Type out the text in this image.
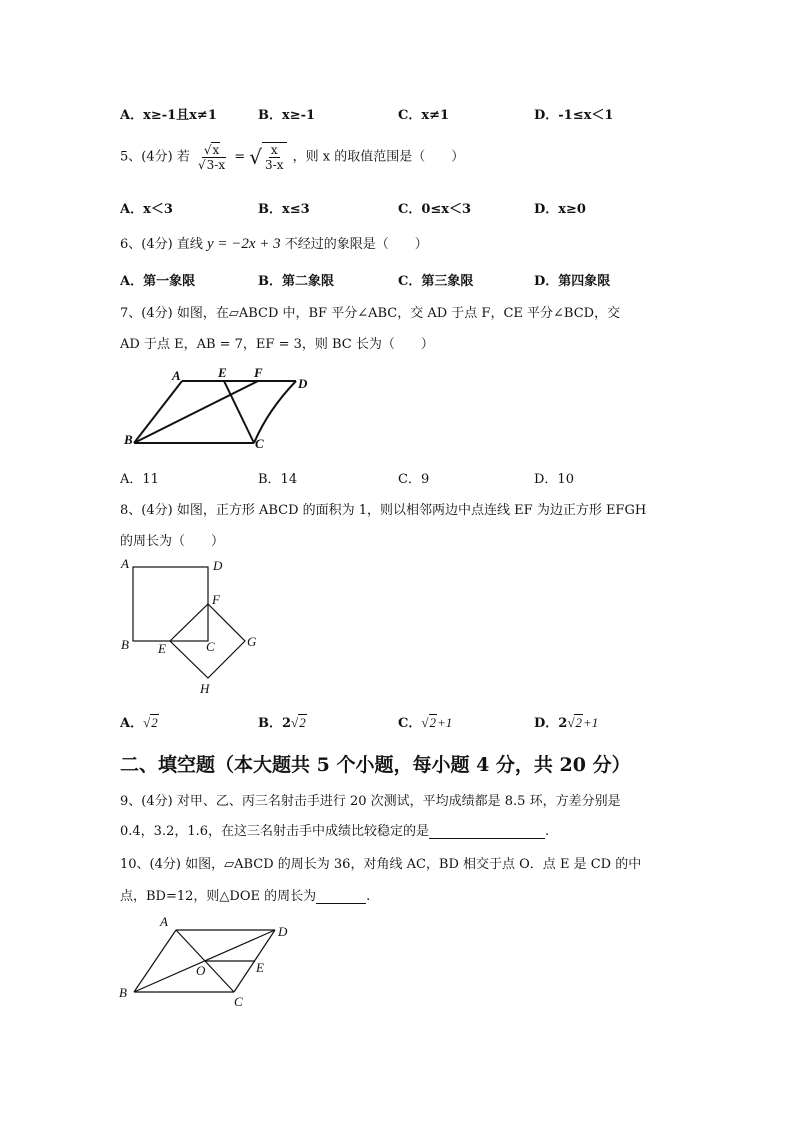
A．x≥-1且x≠1	B．x≥-1	C．x≠1	D．-1≤x＜1
5、(4分) 若 $\frac{√x}{√3-x}$ = √ $\frac{x}{3-x}$ ，则 x 的取值范围是（　　）
A．x＜3	B．x≤3	C．0≤x＜3	D．x≥0
6、(4分) 直线 y = −2x + 3 不经过的象限是（　　）
A．第一象限	B．第二象限	C．第三象限	D．第四象限
7、(4分) 如图，在▱ABCD 中，BF 平分∠ABC，交 AD 于点 F，CE 平分∠BCD，交
AD 于点 E，AB = 7，EF = 3，则 BC 长为（　　）
A	E F
D
B	C
A．11	B．14	C．9	D．10
8、(4分) 如图，正方形 ABCD 的面积为 1，则以相邻两边中点连线 EF 为边正方形 EFGH
的周长为（　　）
A	D
F
G
B E	C
H
A．√2	B．2√2	C．√2+1	D．2√2+1
二、填空题（本大题共 5 个小题，每小题 4 分，共 20 分）
9、(4分) 对甲、乙、丙三名射击手进行 20 次测试，平均成绩都是 8.5 环，方差分别是
0.4，3.2，1.6，在这三名射击手中成绩比较稳定的是	.
10、(4分) 如图，▱ABCD 的周长为 36，对角线 AC，BD 相交于点 O．点 E 是 CD 的中
点，BD=12，则△DOE 的周长为	.
A
D
O	E
B
C
